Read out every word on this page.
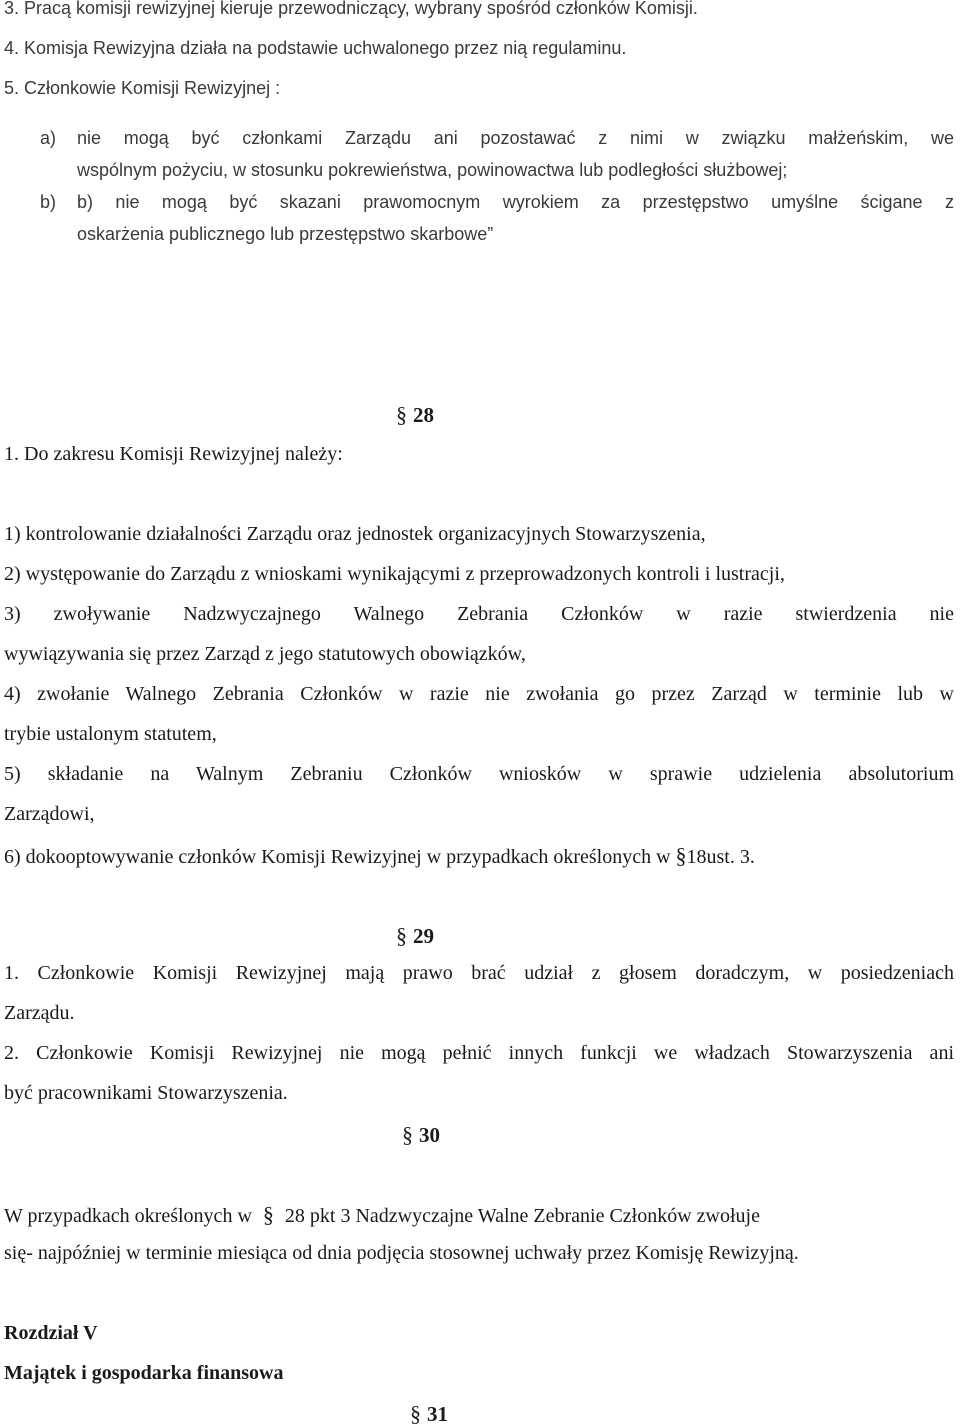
3. Pracą komisji rewizyjnej kieruje przewodniczący, wybrany spośród członków Komisji.
4. Komisja Rewizyjna działa na podstawie uchwalonego przez nią regulaminu.
5. Członkowie Komisji Rewizyjnej :
a) nie mogą być członkami Zarządu ani pozostawać z nimi w związku małżeńskim, we
wspólnym pożyciu, w stosunku pokrewieństwa, powinowactwa lub podległości służbowej;
b) b) nie mogą być skazani prawomocnym wyrokiem za przestępstwo umyślne ścigane z
oskarżenia publicznego lub przestępstwo skarbowe”
§ 28
1. Do zakresu Komisji Rewizyjnej należy:
1) kontrolowanie działalności Zarządu oraz jednostek organizacyjnych Stowarzyszenia,
2) występowanie do Zarządu z wnioskami wynikającymi z przeprowadzonych kontroli i lustracji,
3) zwoływanie Nadzwyczajnego Walnego Zebrania Członków w razie stwierdzenia nie
wywiązywania się przez Zarząd z jego statutowych obowiązków,
4) zwołanie Walnego Zebrania Członków w razie nie zwołania go przez Zarząd w terminie lub w
trybie ustalonym statutem,
5) składanie na Walnym Zebraniu Członków wniosków w sprawie udzielenia absolutorium
Zarządowi,
6) dokooptowywanie członków Komisji Rewizyjnej w przypadkach określonych w §18ust. 3.
§ 29
1. Członkowie Komisji Rewizyjnej mają prawo brać udział z głosem doradczym, w posiedzeniach
Zarządu.
2. Członkowie Komisji Rewizyjnej nie mogą pełnić innych funkcji we władzach Stowarzyszenia ani
być pracownikami Stowarzyszenia.
§ 30
W przypadkach określonych w § 28 pkt 3 Nadzwyczajne Walne Zebranie Członków zwołuje
się- najpóźniej w terminie miesiąca od dnia podjęcia stosownej uchwały przez Komisję Rewizyjną.
Rozdział V
Majątek i gospodarka finansowa
§ 31
